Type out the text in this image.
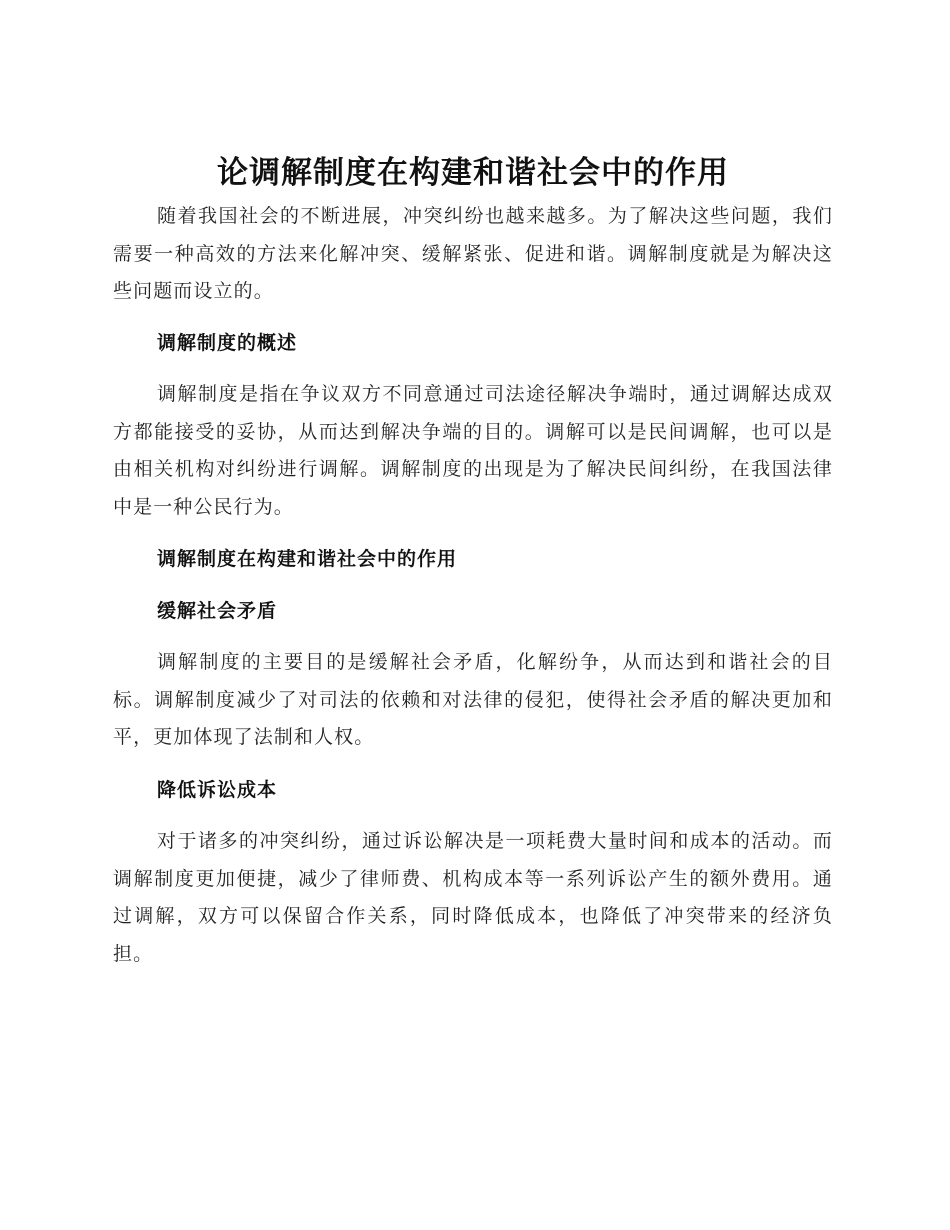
论调解制度在构建和谐社会中的作用

随着我国社会的不断进展，冲突纠纷也越来越多。为了解决这些问题，我们需要一种高效的方法来化解冲突、缓解紧张、促进和谐。调解制度就是为解决这些问题而设立的。

调解制度的概述

调解制度是指在争议双方不同意通过司法途径解决争端时，通过调解达成双方都能接受的妥协，从而达到解决争端的目的。调解可以是民间调解，也可以是由相关机构对纠纷进行调解。调解制度的出现是为了解决民间纠纷，在我国法律中是一种公民行为。

调解制度在构建和谐社会中的作用
缓解社会矛盾

调解制度的主要目的是缓解社会矛盾，化解纷争，从而达到和谐社会的目标。调解制度减少了对司法的依赖和对法律的侵犯，使得社会矛盾的解决更加和平，更加体现了法制和人权。

降低诉讼成本

对于诸多的冲突纠纷，通过诉讼解决是一项耗费大量时间和成本的活动。而调解制度更加便捷，减少了律师费、机构成本等一系列诉讼产生的额外费用。通过调解，双方可以保留合作关系，同时降低成本，也降低了冲突带来的经济负担。
